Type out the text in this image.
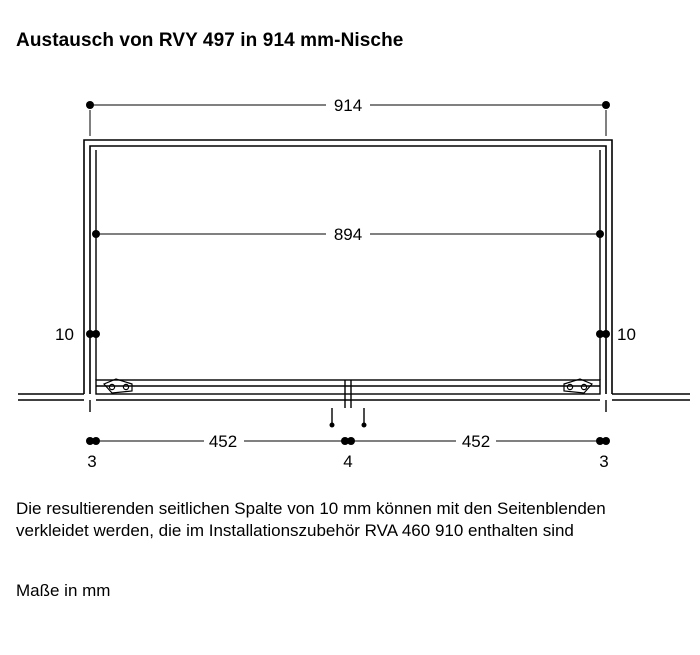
Austausch von RVY 497 in 914 mm-Nische
914
894
10	10
452	452
3	4	3
Die resultierenden seitlichen Spalte von 10 mm können mit den Seitenblenden
verkleidet werden, die im Installationszubehör RVA 460 910 enthalten sind
Maße in mm
